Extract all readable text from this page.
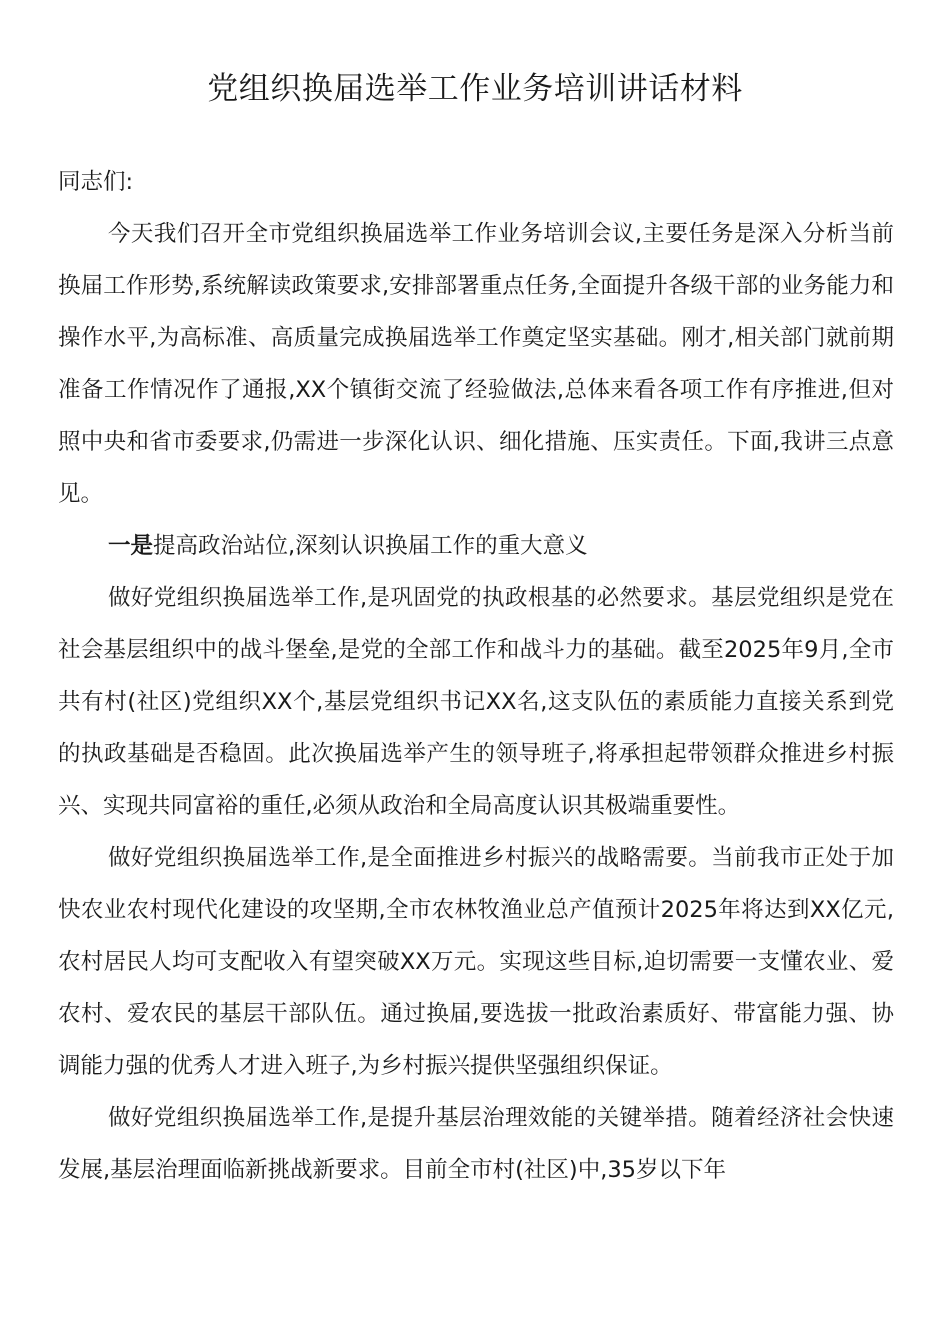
党组织换届选举工作业务培训讲话材料

同志们:

今天我们召开全市党组织换届选举工作业务培训会议,主要任务是深入分析当前换届工作形势,系统解读政策要求,安排部署重点任务,全面提升各级干部的业务能力和操作水平,为高标准、高质量完成换届选举工作奠定坚实基础。刚才,相关部门就前期准备工作情况作了通报,XX个镇街交流了经验做法,总体来看各项工作有序推进,但对照中央和省市委要求,仍需进一步深化认识、细化措施、压实责任。下面,我讲三点意见。

一是提高政治站位,深刻认识换届工作的重大意义

做好党组织换届选举工作,是巩固党的执政根基的必然要求。基层党组织是党在社会基层组织中的战斗堡垒,是党的全部工作和战斗力的基础。截至2025年9月,全市共有村(社区)党组织XX个,基层党组织书记XX名,这支队伍的素质能力直接关系到党的执政基础是否稳固。此次换届选举产生的领导班子,将承担起带领群众推进乡村振兴、实现共同富裕的重任,必须从政治和全局高度认识其极端重要性。

做好党组织换届选举工作,是全面推进乡村振兴的战略需要。当前我市正处于加快农业农村现代化建设的攻坚期,全市农林牧渔业总产值预计2025年将达到XX亿元,农村居民人均可支配收入有望突破XX万元。实现这些目标,迫切需要一支懂农业、爱农村、爱农民的基层干部队伍。通过换届,要选拔一批政治素质好、带富能力强、协调能力强的优秀人才进入班子,为乡村振兴提供坚强组织保证。

做好党组织换届选举工作,是提升基层治理效能的关键举措。随着经济社会快速发展,基层治理面临新挑战新要求。目前全市村(社区)中,35岁以下年
